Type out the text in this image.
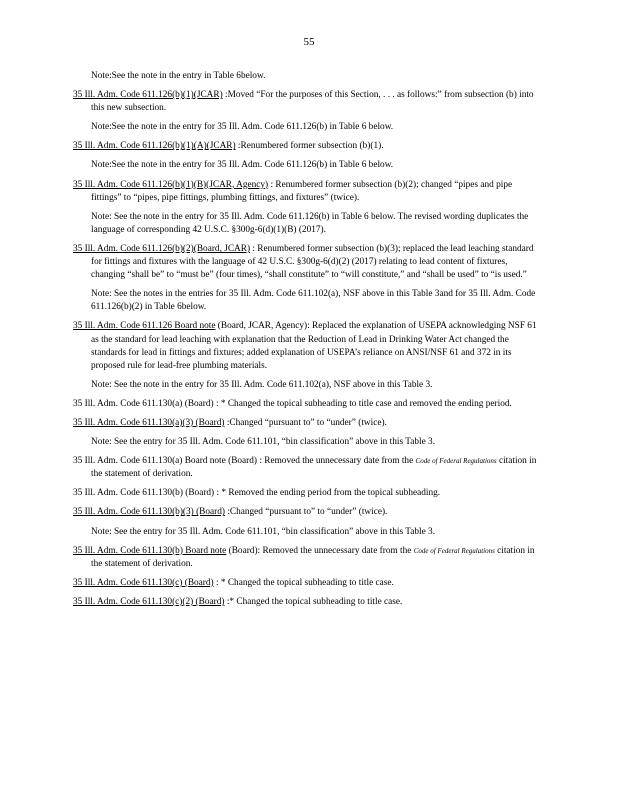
55

Note:See the note in the entry in Table 6below.

35 Ill. Adm. Code 611.126(b)(1)(JCAR) :Moved “For the purposes of this Section, . . . as follows:” from subsection (b) into this new subsection.

Note:See the note in the entry for 35 Ill. Adm. Code 611.126(b) in Table 6 below.

35 Ill. Adm. Code 611.126(b)(1)(A)(JCAR) :Renumbered former subsection (b)(1).

Note:See the note in the entry for 35 Ill. Adm. Code 611.126(b) in Table 6 below.

35 Ill. Adm. Code 611.126(b)(1)(B)(JCAR, Agency) : Renumbered former subsection (b)(2); changed “pipes and pipe fittings” to “pipes, pipe fittings, plumbing fittings, and fixtures” (twice).

Note: See the note in the entry for 35 Ill. Adm. Code 611.126(b) in Table 6 below. The revised wording duplicates the language of corresponding 42 U.S.C. §300g-6(d)(1)(B) (2017).

35 Ill. Adm. Code 611.126(b)(2)(Board, JCAR) : Renumbered former subsection (b)(3); replaced the lead leaching standard for fittings and fixtures with the language of 42 U.S.C. §300g-6(d)(2) (2017) relating to lead content of fixtures, changing “shall be” to “must be” (four times), “shall constitute” to “will constitute,” and “shall be used” to “is used.”

Note: See the notes in the entries for 35 Ill. Adm. Code 611.102(a), NSF above in this Table 3and for 35 Ill. Adm. Code 611.126(b)(2) in Table 6below.

35 Ill. Adm. Code 611.126 Board note (Board, JCAR, Agency): Replaced the explanation of USEPA acknowledging NSF 61 as the standard for lead leaching with explanation that the Reduction of Lead in Drinking Water Act changed the standards for lead in fittings and fixtures; added explanation of USEPA’s reliance on ANSI/NSF 61 and 372 in its proposed rule for lead-free plumbing materials.

Note: See the note in the entry for 35 Ill. Adm. Code 611.102(a), NSF above in this Table 3.

35 Ill. Adm. Code 611.130(a) (Board) : * Changed the topical subheading to title case and removed the ending period.

35 Ill. Adm. Code 611.130(a)(3) (Board) :Changed “pursuant to” to “under” (twice).

Note: See the entry for 35 Ill. Adm. Code 611.101, “bin classification” above in this Table 3.

35 Ill. Adm. Code 611.130(a) Board note (Board) : Removed the unnecessary date from the Code of Federal Regulations citation in the statement of derivation.

35 Ill. Adm. Code 611.130(b) (Board) : * Removed the ending period from the topical subheading.

35 Ill. Adm. Code 611.130(b)(3) (Board) :Changed “pursuant to” to “under” (twice).

Note: See the entry for 35 Ill. Adm. Code 611.101, “bin classification” above in this Table 3.

35 Ill. Adm. Code 611.130(b) Board note (Board): Removed the unnecessary date from the Code of Federal Regulations citation in the statement of derivation.

35 Ill. Adm. Code 611.130(c) (Board) : * Changed the topical subheading to title case.

35 Ill. Adm. Code 611.130(c)(2) (Board) :* Changed the topical subheading to title case.
